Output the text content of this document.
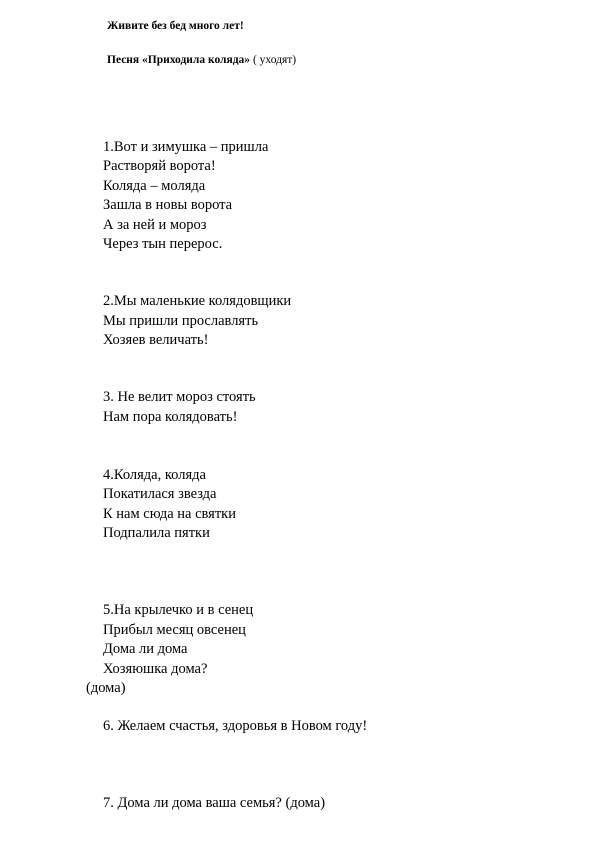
Живите без бед много лет!
Песня «Приходила коляда» ( уходят)
1.Вот и зимушка – пришла
Растворяй ворота!
Коляда – моляда
Зашла в новы ворота
А за ней и мороз
Через тын перерос.
2.Мы маленькие колядовщики
Мы пришли прославлять
Хозяев величать!
3. Не велит мороз стоять
Нам пора колядовать!
4.Коляда, коляда
Покатилася звезда
К нам сюда на святки
Подпалила пятки
5.На крылечко и в сенец
Прибыл месяц овсенец
Дома ли дома
Хозяюшка дома?
(дома)
6. Желаем счастья, здоровья в Новом году!
7. Дома ли дома ваша семья? (дома)
